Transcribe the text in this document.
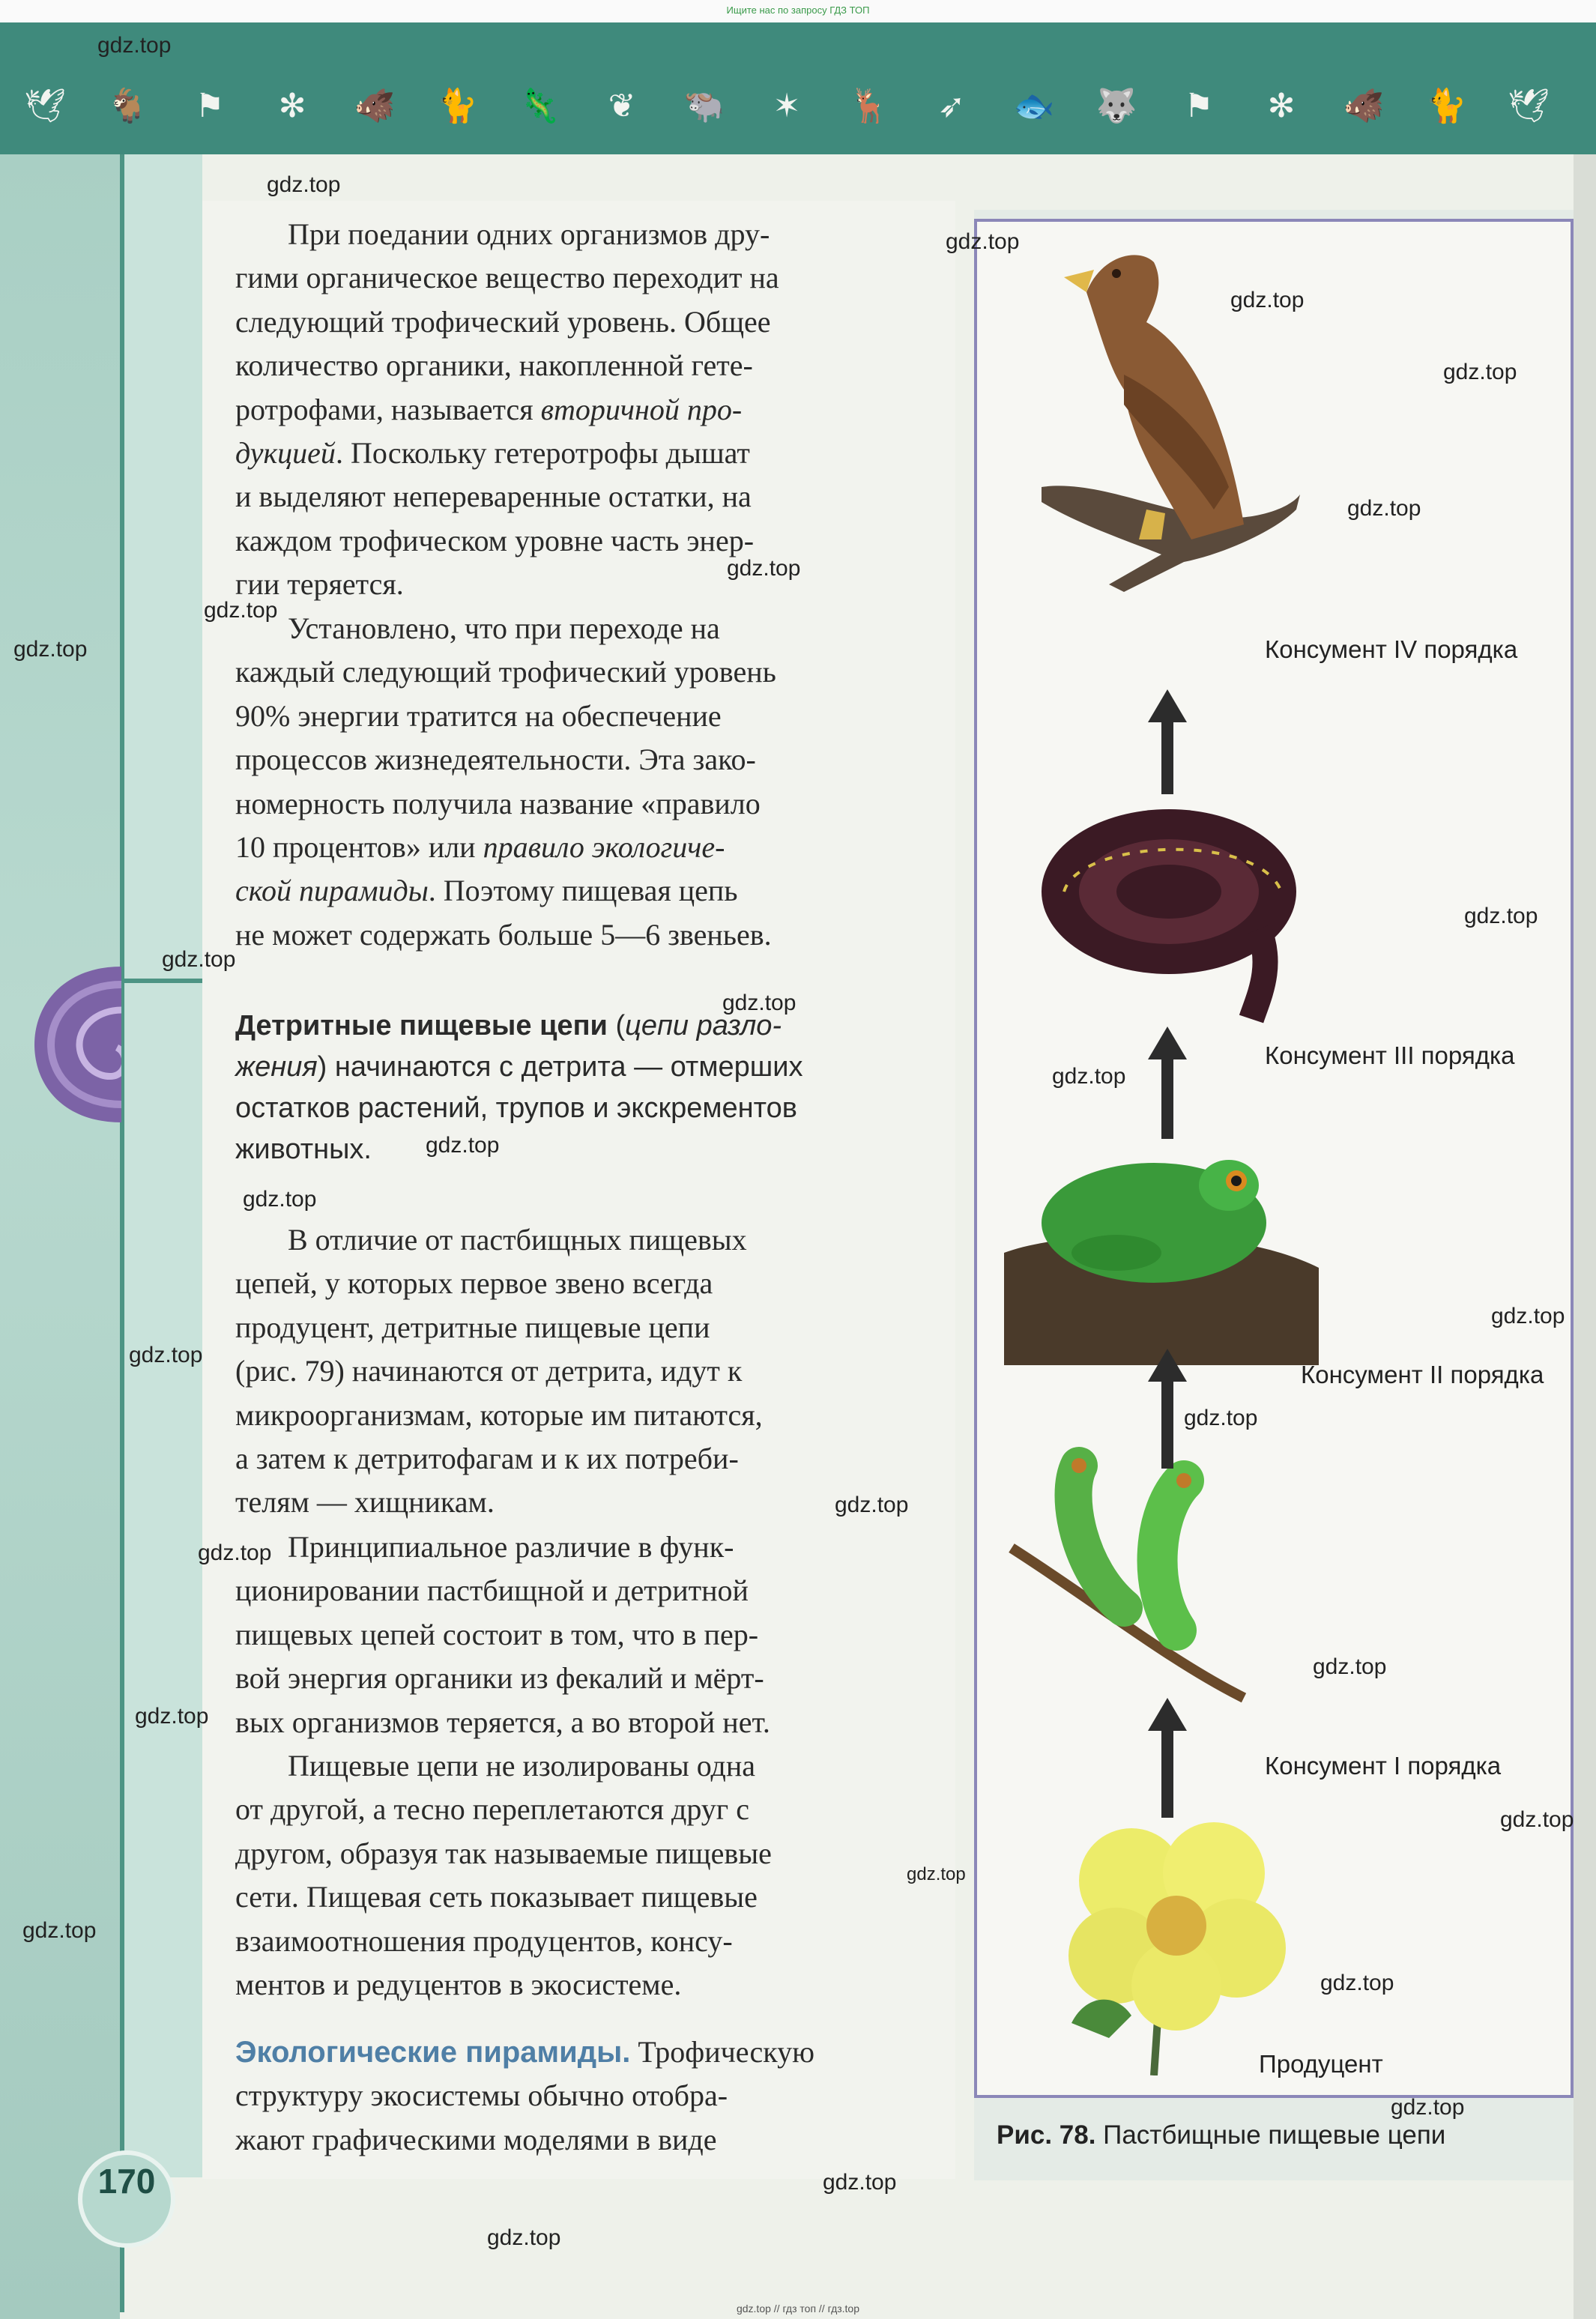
Ищите нас по запросу ГДЗ ТОП
🕊 🐐 ⚑ ✻ 🐗 🐈 🦎 ❦ 🐃 ✶ 🦌 ➶ 🐟 🐺 ⚑ ✻ 🐗 🐈 🕊
При поедании одних организмов дру-
гими органическое вещество переходит на
следующий трофический уровень. Общее
количество органики, накопленной гете-
ротрофами, называется вторичной про-
дукцией. Поскольку гетеротрофы дышат
и выделяют непереваренные остатки, на
каждом трофическом уровне часть энер-
гии теряется.
Установлено, что при переходе на
каждый следующий трофический уровень
90% энергии тратится на обеспечение
процессов жизнедеятельности. Эта зако-
номерность получила название «правило
10 процентов» или правило экологиче-
ской пирамиды. Поэтому пищевая цепь
не может содержать больше 5—6 звеньев.
Детритные пищевые цепи (цепи разло-
жения) начинаются с детрита — отмерших
остатков растений, трупов и экскрементов
животных.
В отличие от пастбищных пищевых
цепей, у которых первое звено всегда
продуцент, детритные пищевые цепи
(рис. 79) начинаются от детрита, идут к
микроорганизмам, которые им питаются,
а затем к детритофагам и к их потреби-
телям — хищникам.
Принципиальное различие в функ-
ционировании пастбищной и детритной
пищевых цепей состоит в том, что в пер-
вой энергия органики из фекалий и мёрт-
вых организмов теряется, а во второй нет.
Пищевые цепи не изолированы одна
от другой, а тесно переплетаются друг с
другом, образуя так называемые пищевые
сети. Пищевая сеть показывает пищевые
взаимоотношения продуцентов, консу-
ментов и редуцентов в экосистеме.
Экологические пирамиды. Трофическую
структуру экосистемы обычно отобра-
жают графическими моделями в виде
170
Консумент IV порядка
Консумент III порядка
Консумент II порядка
Консумент I порядка
Продуцент
Рис. 78. Пастбищные пищевые цепи
gdz.top
gdz.top
gdz.top
gdz.top
gdz.top
gdz.top
gdz.top
gdz.top
gdz.top
gdz.top
gdz.top
gdz.top
gdz.top
gdz.top
gdz.top
gdz.top
gdz.top
gdz.top
gdz.top
gdz.top
gdz.top
gdz.top
gdz.top
gdz.top
gdz.top
gdz.top
gdz.top
gdz.top
gdz.top
gdz.top // гдз топ // гдз.top
